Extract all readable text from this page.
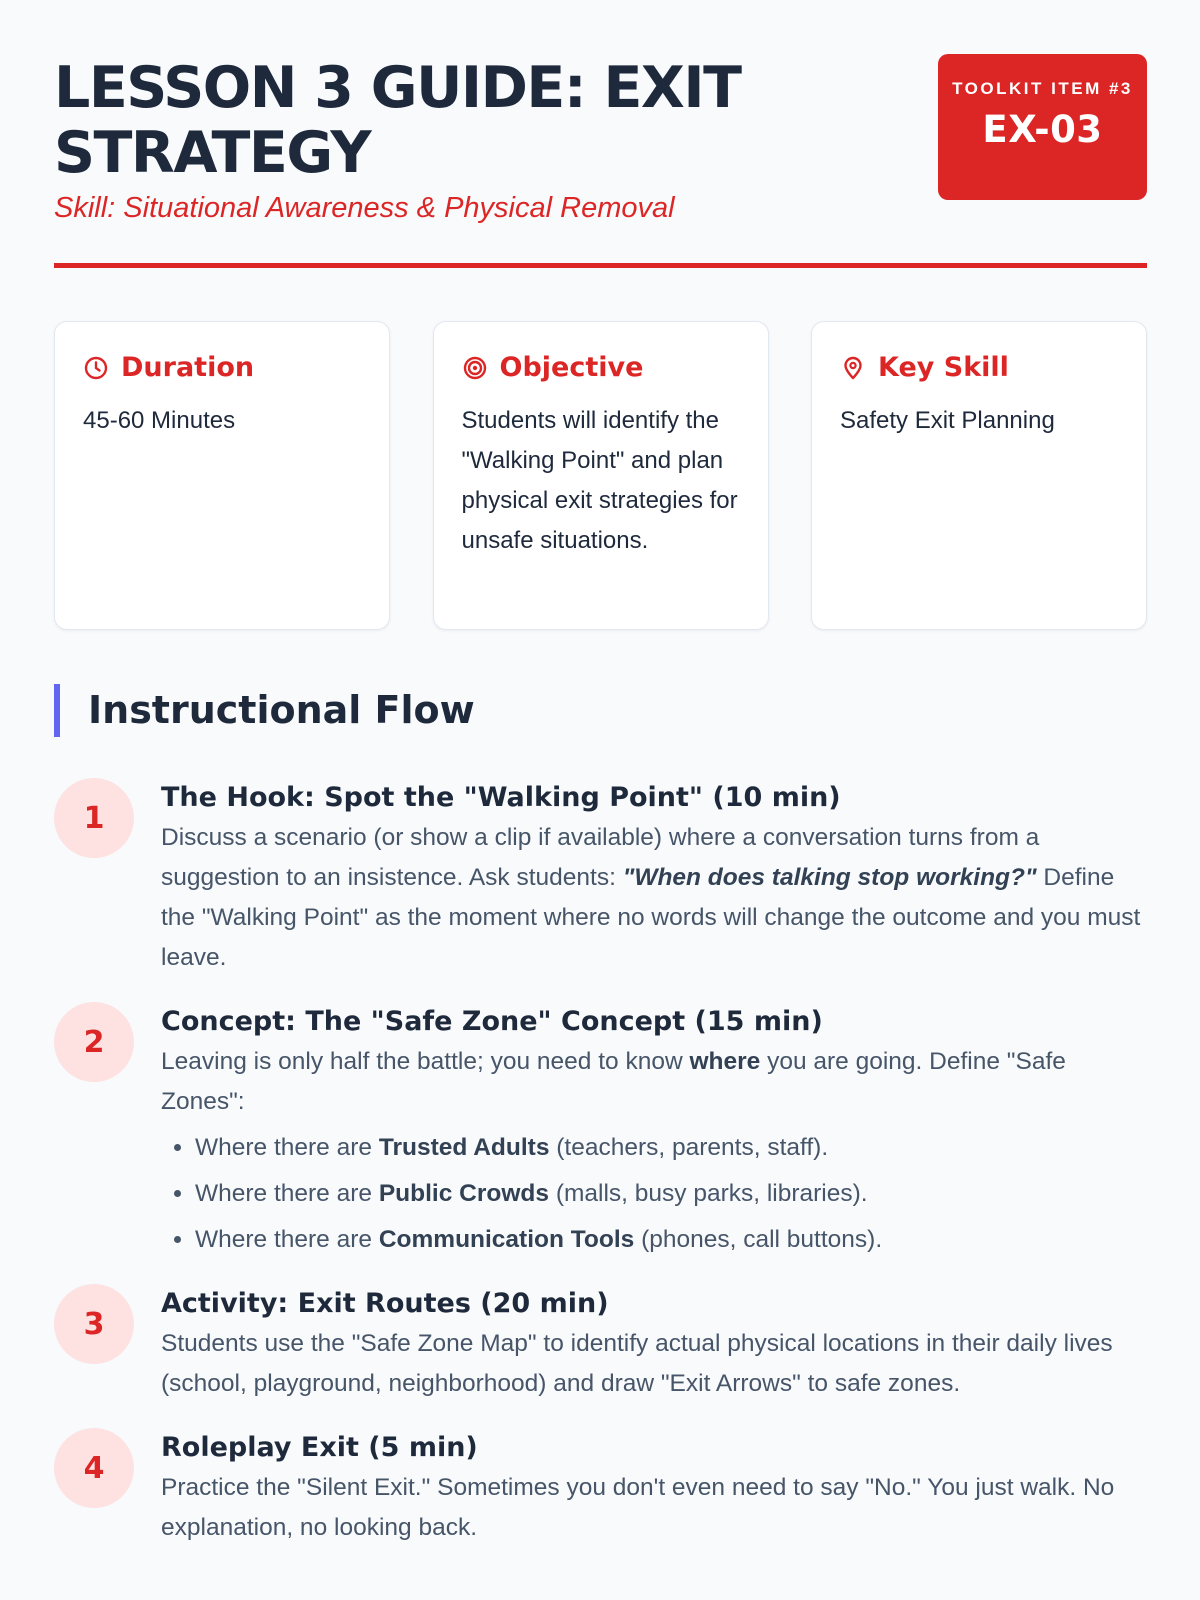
LESSON 3 GUIDE: EXIT STRATEGY

Skill: Situational Awareness & Physical Removal

TOOLKIT ITEM #3
EX-03
Duration
45-60 Minutes
Objective
Students will identify the "Walking Point" and plan physical exit strategies for unsafe situations.
Key Skill
Safety Exit Planning
Instructional Flow
1
The Hook: Spot the "Walking Point" (10 min)

Discuss a scenario (or show a clip if available) where a conversation turns from a suggestion to an insistence. Ask students: "When does talking stop working?" Define the "Walking Point" as the moment where no words will change the outcome and you must leave.

2
Concept: The "Safe Zone" Concept (15 min)

Leaving is only half the battle; you need to know where you are going. Define "Safe Zones":

• Where there are Trusted Adults (teachers, parents, staff).
• Where there are Public Crowds (malls, busy parks, libraries).
• Where there are Communication Tools (phones, call buttons).
3
Activity: Exit Routes (20 min)

Students use the "Safe Zone Map" to identify actual physical locations in their daily lives (school, playground, neighborhood) and draw "Exit Arrows" to safe zones.

4
Roleplay Exit (5 min)

Practice the "Silent Exit." Sometimes you don't even need to say "No." You just walk. No explanation, no looking back.
